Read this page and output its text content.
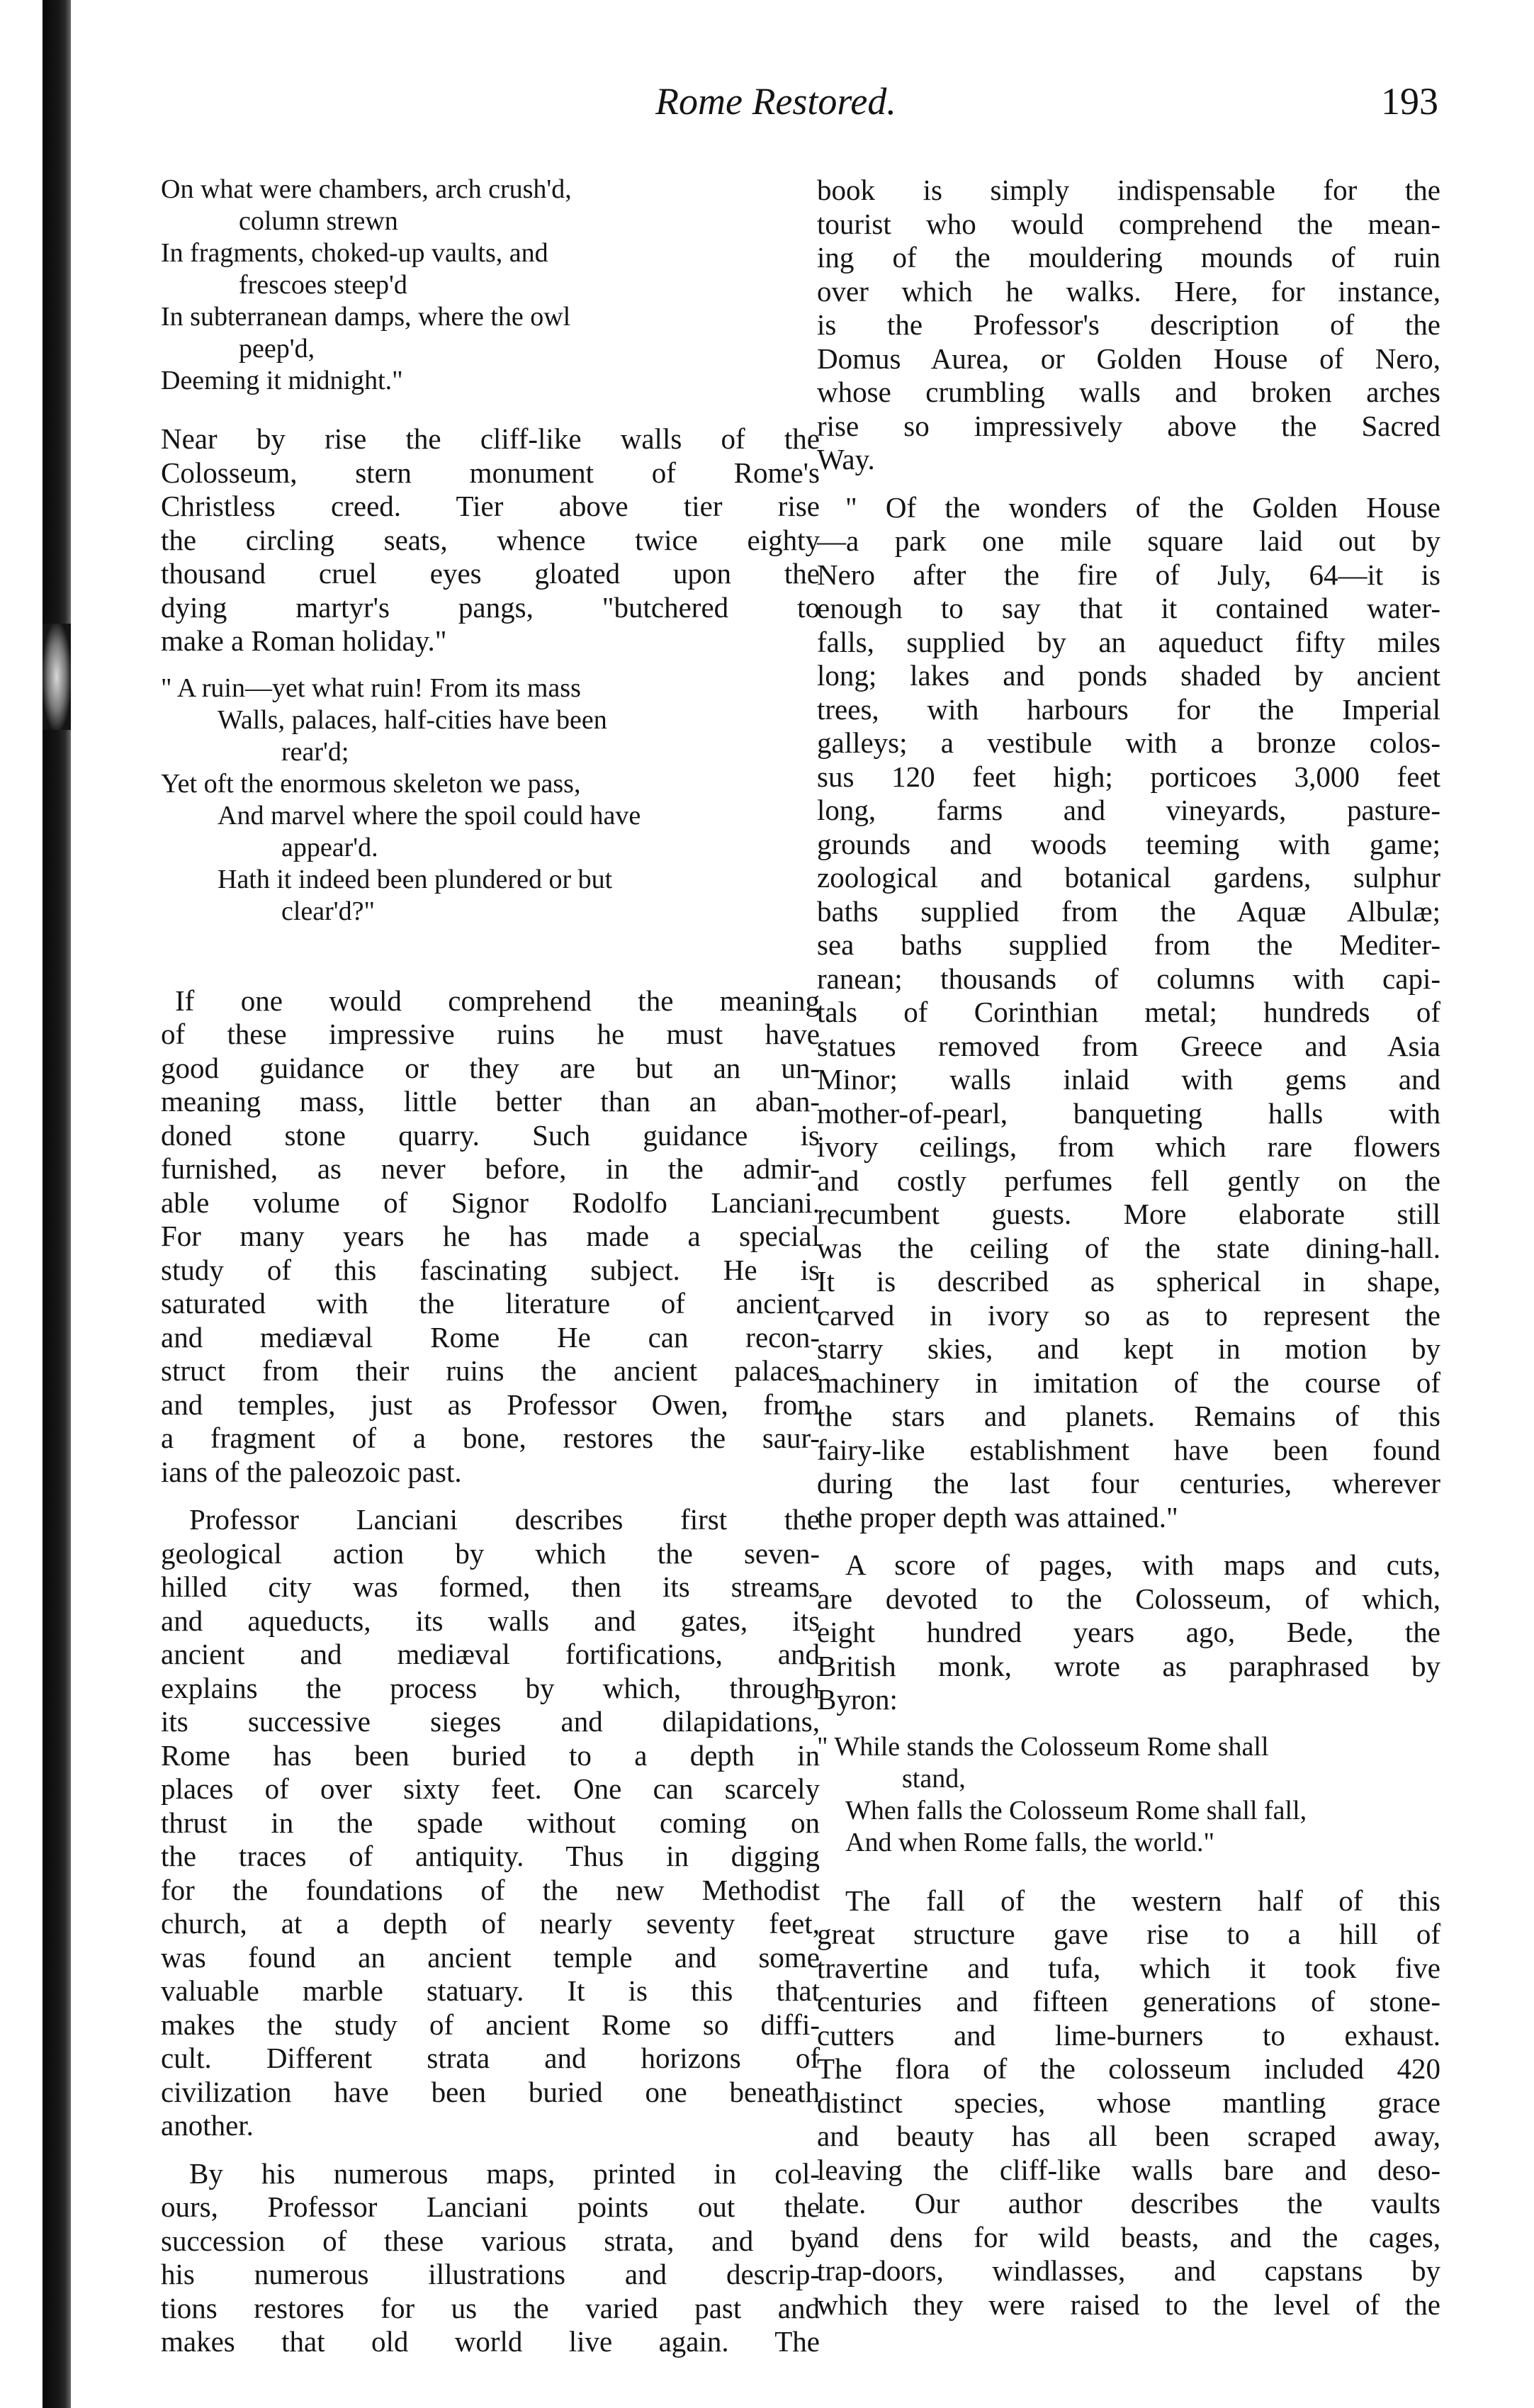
Rome Restored.	193
On what were chambers, arch crush'd,
column strewn
In fragments, choked-up vaults, and
frescoes steep'd
In subterranean damps, where the owl
peep'd,
Deeming it midnight."
Near by rise the cliff-like walls of the
Colosseum, stern monument of Rome's
Christless creed. Tier above tier rise
the circling seats, whence twice eighty
thousand cruel eyes gloated upon the
dying martyr's pangs, "butchered to
make a Roman holiday."
" A ruin—yet what ruin! From its mass
Walls, palaces, half-cities have been
rear'd;
Yet oft the enormous skeleton we pass,
And marvel where the spoil could have
appear'd.
Hath it indeed been plundered or but
clear'd?"
If one would comprehend the meaning
of these impressive ruins he must have
good guidance or they are but an un-
meaning mass, little better than an aban-
doned stone quarry. Such guidance is
furnished, as never before, in the admir-
able volume of Signor Rodolfo Lanciani.
For many years he has made a special
study of this fascinating subject. He is
saturated with the literature of ancient
and mediæval Rome He can recon-
struct from their ruins the ancient palaces
and temples, just as Professor Owen, from
a fragment of a bone, restores the saur-
ians of the paleozoic past.
Professor Lanciani describes first the
geological action by which the seven-
hilled city was formed, then its streams
and aqueducts, its walls and gates, its
ancient and mediæval fortifications, and
explains the process by which, through
its successive sieges and dilapidations,
Rome has been buried to a depth in
places of over sixty feet. One can scarcely
thrust in the spade without coming on
the traces of antiquity. Thus in digging
for the foundations of the new Methodist
church, at a depth of nearly seventy feet,
was found an ancient temple and some
valuable marble statuary. It is this that
makes the study of ancient Rome so diffi-
cult. Different strata and horizons of
civilization have been buried one beneath
another.
By his numerous maps, printed in col-
ours, Professor Lanciani points out the
succession of these various strata, and by
his numerous illustrations and descrip-
tions restores for us the varied past and
makes that old world live again. The
book is simply indispensable for the
tourist who would comprehend the mean-
ing of the mouldering mounds of ruin
over which he walks. Here, for instance,
is the Professor's description of the
Domus Aurea, or Golden House of Nero,
whose crumbling walls and broken arches
rise so impressively above the Sacred
Way.
" Of the wonders of the Golden House
—a park one mile square laid out by
Nero after the fire of July, 64—it is
enough to say that it contained water-
falls, supplied by an aqueduct fifty miles
long; lakes and ponds shaded by ancient
trees, with harbours for the Imperial
galleys; a vestibule with a bronze colos-
sus 120 feet high; porticoes 3,000 feet
long, farms and vineyards, pasture-
grounds and woods teeming with game;
zoological and botanical gardens, sulphur
baths supplied from the Aquæ Albulæ;
sea baths supplied from the Mediter-
ranean; thousands of columns with capi-
tals of Corinthian metal; hundreds of
statues removed from Greece and Asia
Minor; walls inlaid with gems and
mother-of-pearl, banqueting halls with
ivory ceilings, from which rare flowers
and costly perfumes fell gently on the
recumbent guests. More elaborate still
was the ceiling of the state dining-hall.
It is described as spherical in shape,
carved in ivory so as to represent the
starry skies, and kept in motion by
machinery in imitation of the course of
the stars and planets. Remains of this
fairy-like establishment have been found
during the last four centuries, wherever
the proper depth was attained."
A score of pages, with maps and cuts,
are devoted to the Colosseum, of which,
eight hundred years ago, Bede, the
British monk, wrote as paraphrased by
Byron:
" While stands the Colosseum Rome shall
stand,
When falls the Colosseum Rome shall fall,
And when Rome falls, the world."
The fall of the western half of this
great structure gave rise to a hill of
travertine and tufa, which it took five
centuries and fifteen generations of stone-
cutters and lime-burners to exhaust.
The flora of the colosseum included 420
distinct species, whose mantling grace
and beauty has all been scraped away,
leaving the cliff-like walls bare and deso-
late. Our author describes the vaults
and dens for wild beasts, and the cages,
trap-doors, windlasses, and capstans by
which they were raised to the level of the
